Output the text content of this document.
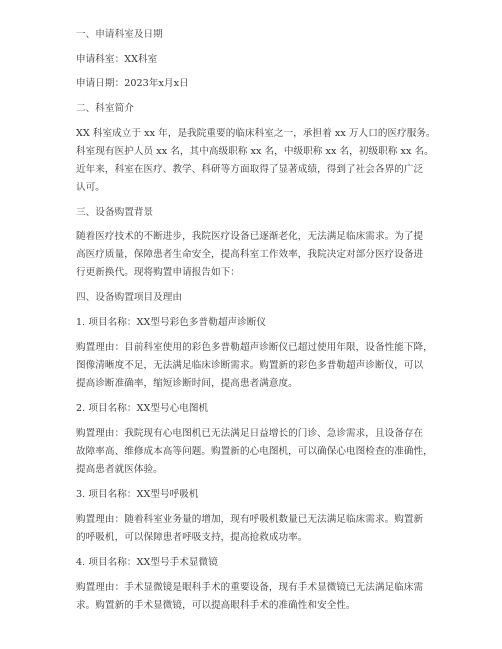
一、申请科室及日期
申请科室：XX科室
申请日期：2023年x月x日
二、科室简介
XX 科室成立于 xx 年，是我院重要的临床科室之一，承担着 xx 万人口的医疗服务。
科室现有医护人员 xx 名，其中高级职称 xx 名，中级职称 xx 名，初级职称 xx 名。
近年来，科室在医疗、教学、科研等方面取得了显著成绩，得到了社会各界的广泛
认可。
三、设备购置背景
随着医疗技术的不断进步，我院医疗设备已逐渐老化，无法满足临床需求。为了提
高医疗质量，保障患者生命安全，提高科室工作效率，我院决定对部分医疗设备进
行更新换代。现将购置申请报告如下：
四、设备购置项目及理由
1. 项目名称：XX型号彩色多普勒超声诊断仪
购置理由：目前科室使用的彩色多普勒超声诊断仪已超过使用年限，设备性能下降，
图像清晰度不足，无法满足临床诊断需求。购置新的彩色多普勒超声诊断仪，可以
提高诊断准确率，缩短诊断时间，提高患者满意度。
2. 项目名称：XX型号心电图机
购置理由：我院现有心电图机已无法满足日益增长的门诊、急诊需求，且设备存在
故障率高、维修成本高等问题。购置新的心电图机，可以确保心电图检查的准确性，
提高患者就医体验。
3. 项目名称：XX型号呼吸机
购置理由：随着科室业务量的增加，现有呼吸机数量已无法满足临床需求。购置新
的呼吸机，可以保障患者呼吸支持，提高抢救成功率。
4. 项目名称：XX型号手术显微镜
购置理由：手术显微镜是眼科手术的重要设备，现有手术显微镜已无法满足临床需
求。购置新的手术显微镜，可以提高眼科手术的准确性和安全性。
